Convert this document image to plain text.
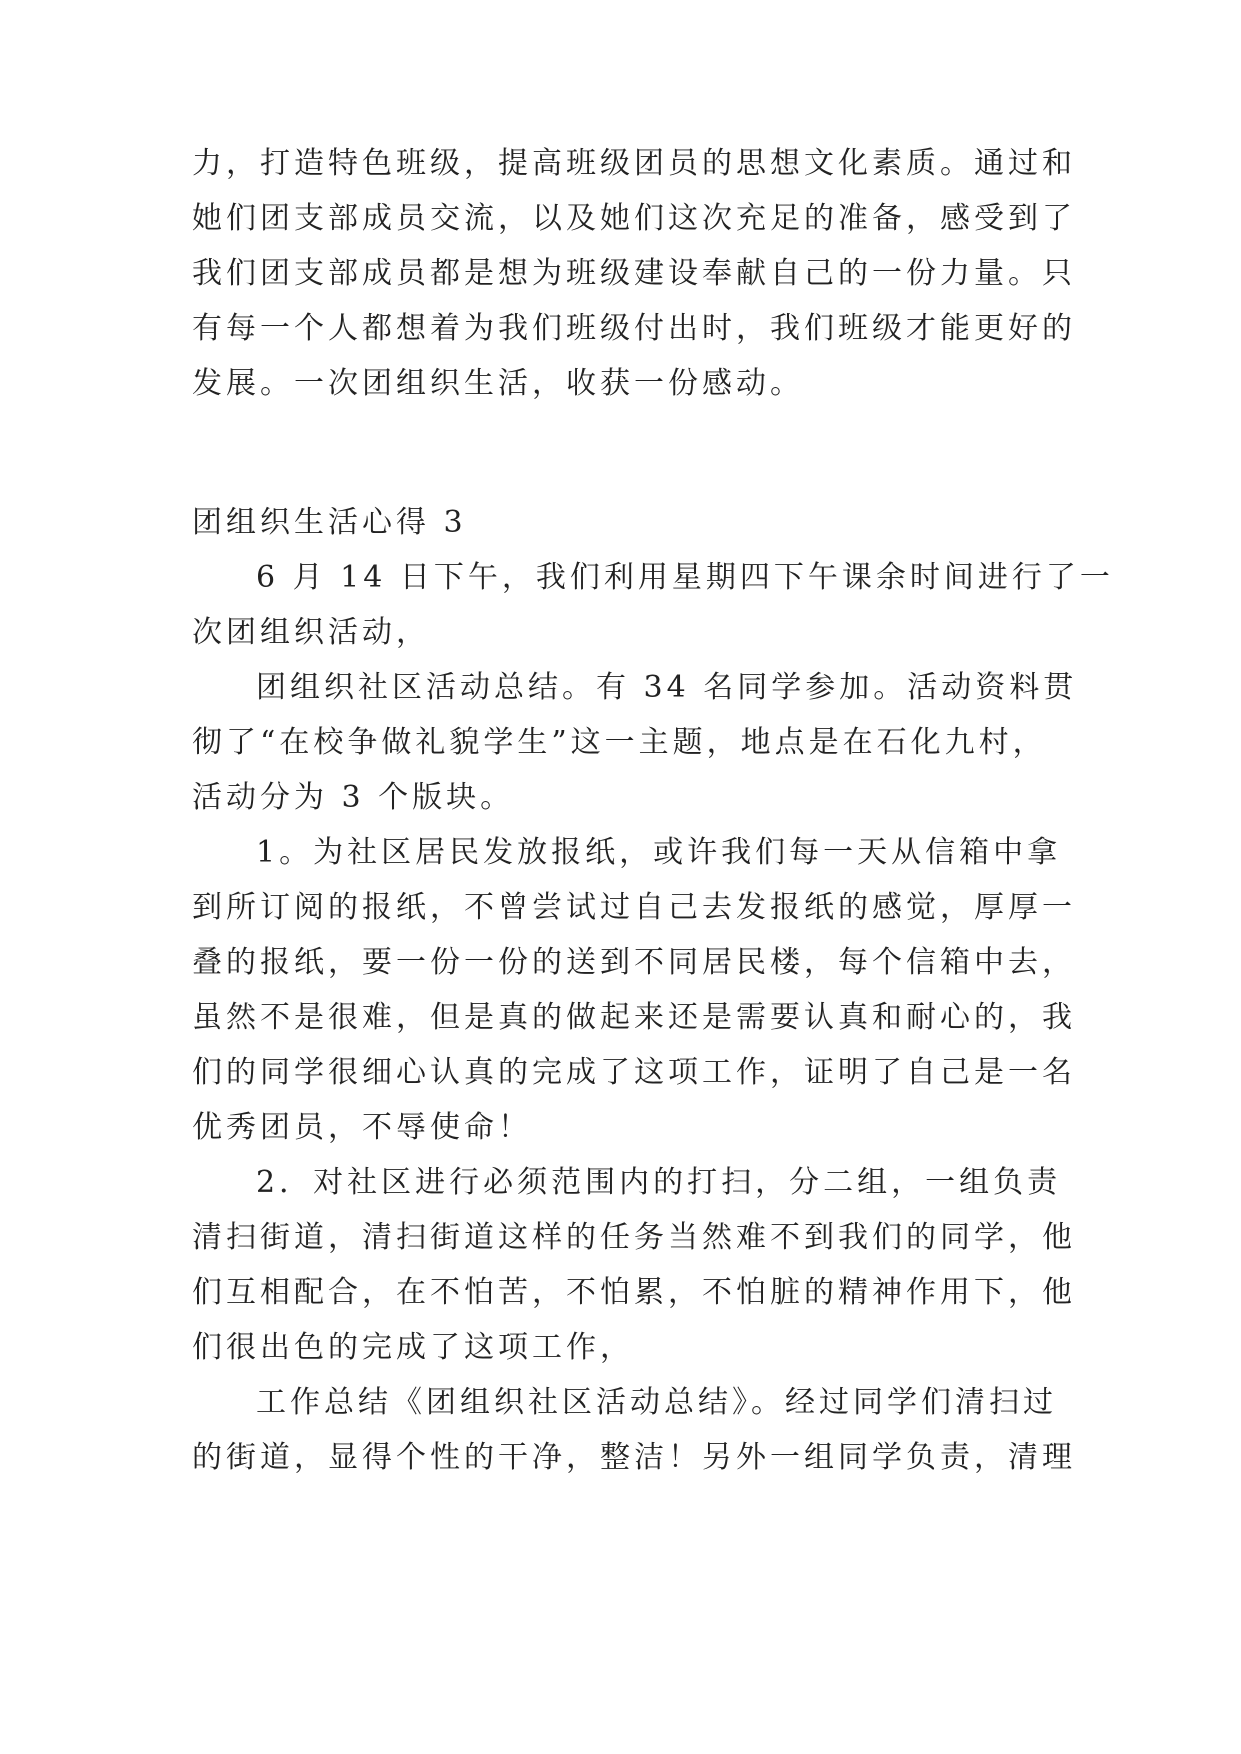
力，打造特色班级，提高班级团员的思想文化素质。通过和
她们团支部成员交流，以及她们这次充足的准备，感受到了
我们团支部成员都是想为班级建设奉献自己的一份力量。只
有每一个人都想着为我们班级付出时，我们班级才能更好的
发展。一次团组织生活，收获一份感动。
团组织生活心得 3
6 月 14 日下午，我们利用星期四下午课余时间进行了一
次团组织活动，
团组织社区活动总结。有 34 名同学参加。活动资料贯
彻了“在校争做礼貌学生”这一主题，地点是在石化九村，
活动分为 3 个版块。
1。为社区居民发放报纸，或许我们每一天从信箱中拿
到所订阅的报纸，不曾尝试过自己去发报纸的感觉，厚厚一
叠的报纸，要一份一份的送到不同居民楼，每个信箱中去，
虽然不是很难，但是真的做起来还是需要认真和耐心的，我
们的同学很细心认真的完成了这项工作，证明了自己是一名
优秀团员，不辱使命！
2．对社区进行必须范围内的打扫，分二组，一组负责
清扫街道，清扫街道这样的任务当然难不到我们的同学，他
们互相配合，在不怕苦，不怕累，不怕脏的精神作用下，他
们很出色的完成了这项工作，
工作总结《团组织社区活动总结》。经过同学们清扫过
的街道，显得个性的干净，整洁！另外一组同学负责，清理
